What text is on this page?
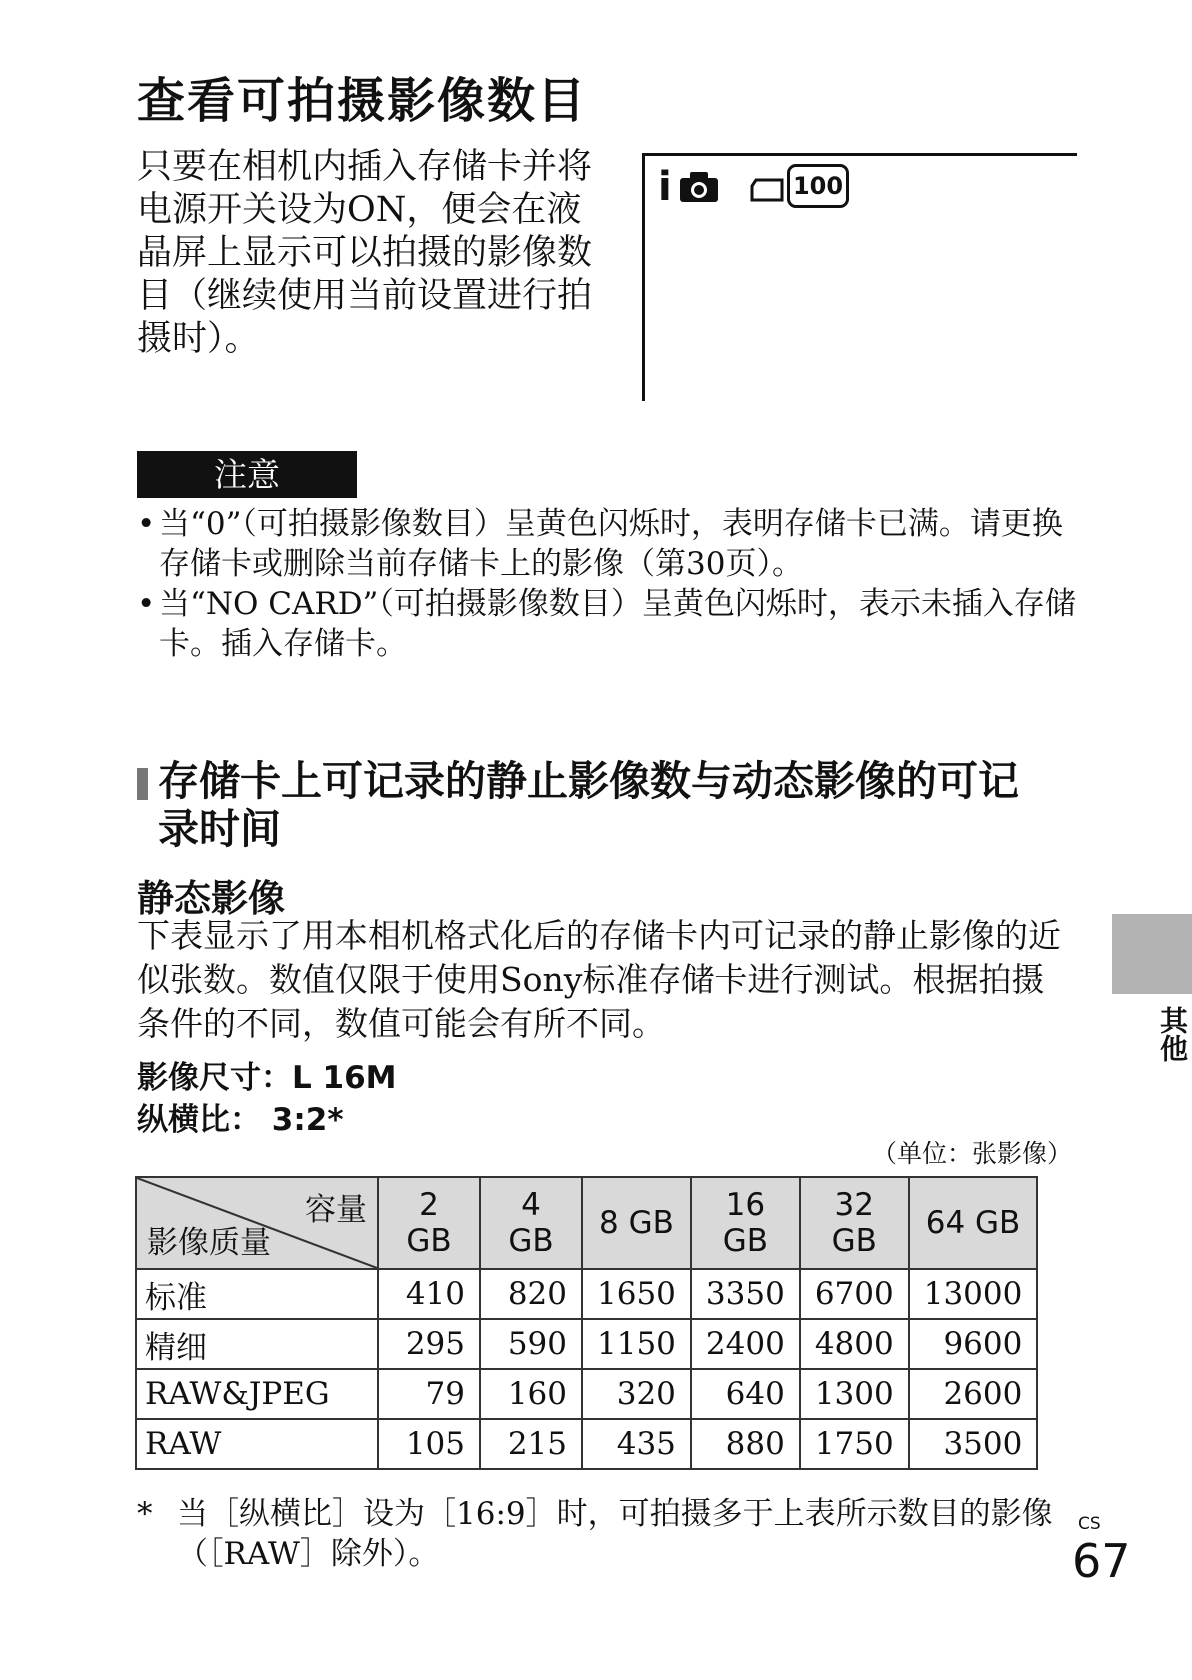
查看可拍摄影像数目
只要在相机内插入存储卡并将电源开关设为ON，便会在液晶屏上显示可以拍摄的影像数目（继续使用当前设置进行拍摄时）。
i	100
注意
• 当“0”（可拍摄影像数目）呈黄色闪烁时，表明存储卡已满。请更换存储卡或删除当前存储卡上的影像（第30页）。
• 当“NO CARD”（可拍摄影像数目）呈黄色闪烁时，表示未插入存储卡。插入存储卡。
存储卡上可记录的静止影像数与动态影像的可记录时间
静态影像
下表显示了用本相机格式化后的存储卡内可记录的静止影像的近似张数。数值仅限于使用Sony标准存储卡进行测试。根据拍摄条件的不同，数值可能会有所不同。
影像尺寸：L 16M
纵横比： 3:2*
（单位：张影像）
容量
影像质量	2 GB	4 GB	8 GB	16 GB	32 GB	64 GB
标准	410	820	1650	3350	6700	13000
精细	295	590	1150	2400	4800	9600
RAW&JPEG	79	160	320	640	1300	2600
RAW	105	215	435	880	1750	3500
* 当［纵横比］设为［16:9］时，可拍摄多于上表所示数目的影像（［RAW］除外）。
其他
CS
67
